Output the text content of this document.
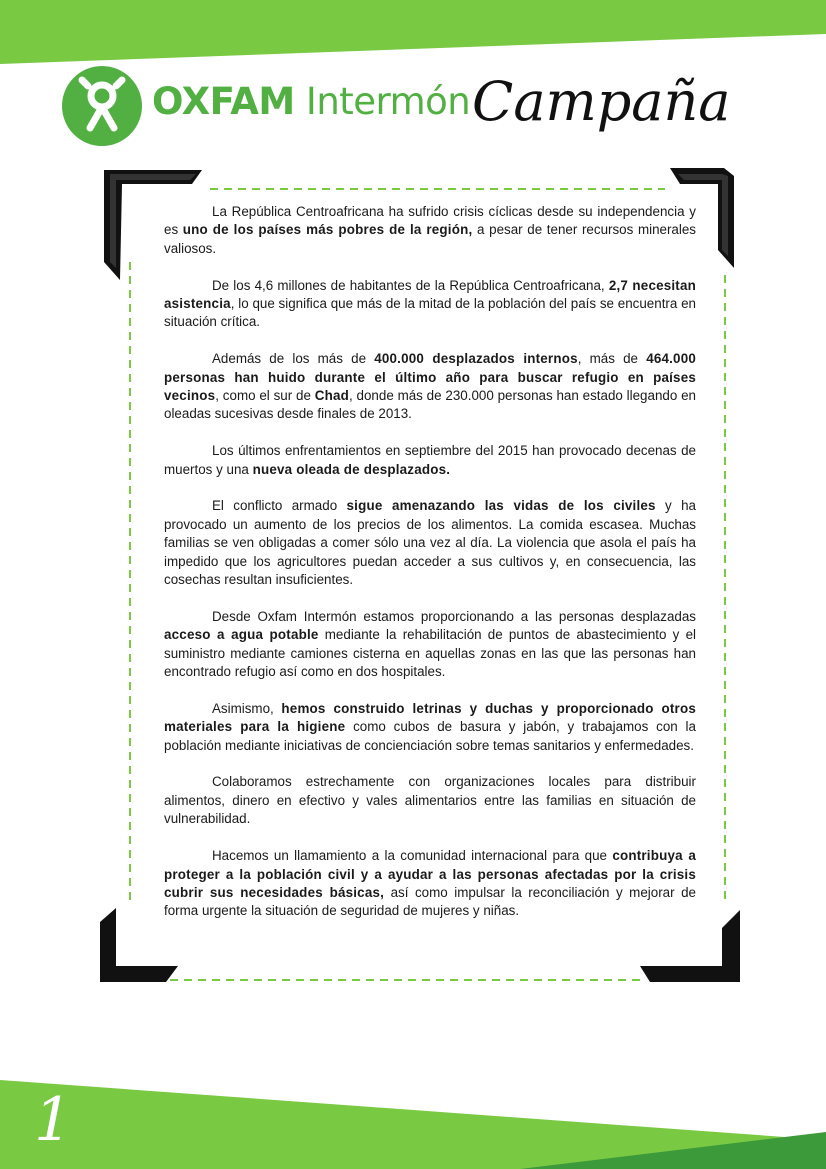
OXFAM Intermón Campaña

La República Centroafricana ha sufrido crisis cíclicas desde su independencia y es uno de los países más pobres de la región, a pesar de tener recursos minerales valiosos.

De los 4,6 millones de habitantes de la República Centroafricana, 2,7 necesitan asistencia, lo que significa que más de la mitad de la población del país se encuentra en situación crítica.

Además de los más de 400.000 desplazados internos, más de 464.000 personas han huido durante el último año para buscar refugio en países vecinos, como el sur de Chad, donde más de 230.000 personas han estado llegando en oleadas sucesivas desde finales de 2013.

Los últimos enfrentamientos en septiembre del 2015 han provocado decenas de muertos y una nueva oleada de desplazados.

El conflicto armado sigue amenazando las vidas de los civiles y ha provocado un aumento de los precios de los alimentos. La comida escasea. Muchas familias se ven obligadas a comer sólo una vez al día. La violencia que asola el país ha impedido que los agricultores puedan acceder a sus cultivos y, en consecuencia, las cosechas resultan insuficientes.

Desde Oxfam Intermón estamos proporcionando a las personas desplazadas acceso a agua potable mediante la rehabilitación de puntos de abastecimiento y el suministro mediante camiones cisterna en aquellas zonas en las que las personas han encontrado refugio así como en dos hospitales.

Asimismo, hemos construido letrinas y duchas y proporcionado otros materiales para la higiene como cubos de basura y jabón, y trabajamos con la población mediante iniciativas de concienciación sobre temas sanitarios y enfermedades.

Colaboramos estrechamente con organizaciones locales para distribuir alimentos, dinero en efectivo y vales alimentarios entre las familias en situación de vulnerabilidad.

Hacemos un llamamiento a la comunidad internacional para que contribuya a proteger a la población civil y a ayudar a las personas afectadas por la crisis cubrir sus necesidades básicas, así como impulsar la reconciliación y mejorar de forma urgente la situación de seguridad de mujeres y niñas.

1
